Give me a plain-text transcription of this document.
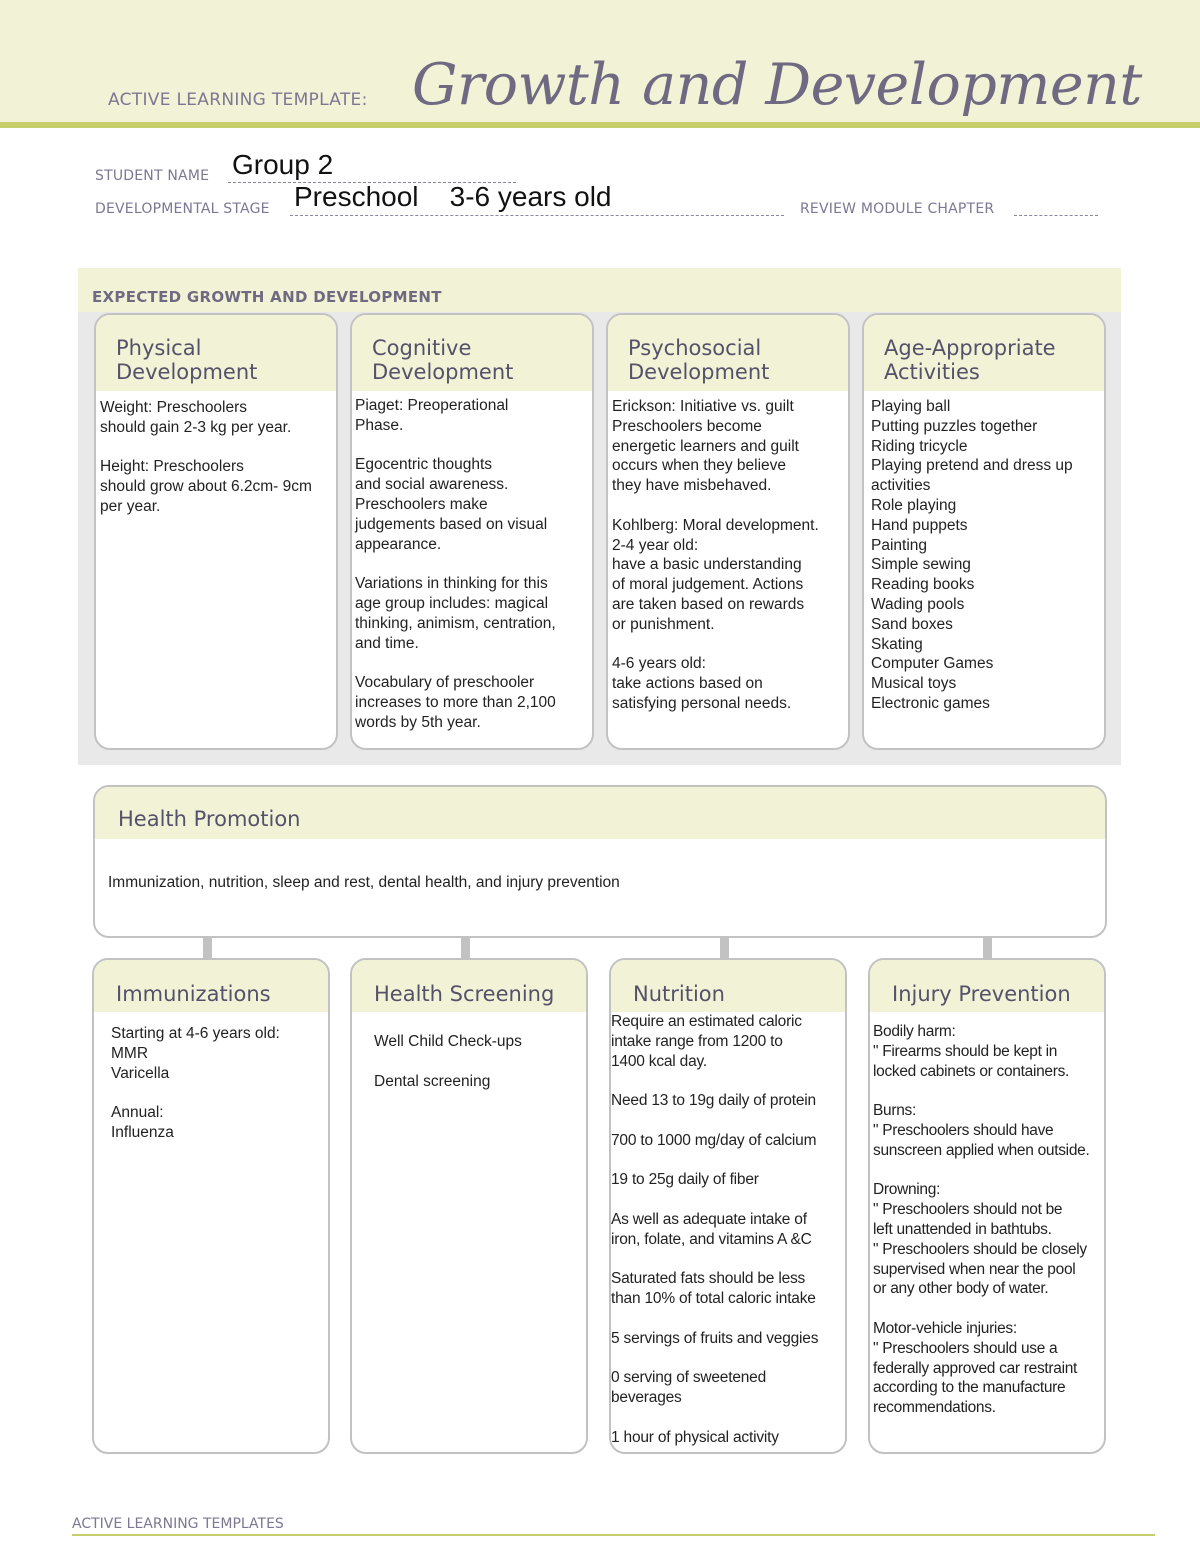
ACTIVE LEARNING TEMPLATE: Growth and Development
STUDENT NAME Group 2
DEVELOPMENTAL STAGE Preschool    3-6 years old	REVIEW MODULE CHAPTER
EXPECTED GROWTH AND DEVELOPMENT
Physical
Development
Weight: Preschoolers
should gain 2-3 kg per year.

Height: Preschoolers
should grow about 6.2cm- 9cm
per year.
Cognitive
Development
Piaget: Preoperational
Phase.

Egocentric thoughts
and social awareness.
Preschoolers make
judgements based on visual
appearance.

Variations in thinking for this
age group includes: magical
thinking, animism, centration,
and time.

Vocabulary of preschooler
increases to more than 2,100
words by 5th year.
Psychosocial
Development
Erickson: Initiative vs. guilt
Preschoolers become
energetic learners and guilt
occurs when they believe
they have misbehaved.

Kohlberg: Moral development.
2-4 year old:
have a basic understanding
of moral judgement. Actions
are taken based on rewards
or punishment.

4-6 years old:
take actions based on
satisfying personal needs.
Age-Appropriate
Activities
Playing ball
Putting puzzles together
Riding tricycle
Playing pretend and dress up
activities
Role playing
Hand puppets
Painting
Simple sewing
Reading books
Wading pools
Sand boxes
Skating
Computer Games
Musical toys
Electronic games
Health Promotion
Immunization, nutrition, sleep and rest, dental health, and injury prevention
Immunizations
Starting at 4-6 years old:
MMR
Varicella

Annual:
Influenza
Health Screening
Well Child Check-ups

Dental screening
Nutrition
Require an estimated caloric
intake range from 1200 to
1400 kcal day.

Need 13 to 19g daily of protein

700 to 1000 mg/day of calcium

19 to 25g daily of fiber

As well as adequate intake of
iron, folate, and vitamins A &C

Saturated fats should be less
than 10% of total caloric intake

5 servings of fruits and veggies

0 serving of sweetened
beverages

1 hour of physical activity
Injury Prevention
Bodily harm:
" Firearms should be kept in
locked cabinets or containers.

Burns:
" Preschoolers should have
sunscreen applied when outside.

Drowning:
" Preschoolers should not be
left unattended in bathtubs.
" Preschoolers should be closely
supervised when near the pool
or any other body of water.

Motor-vehicle injuries:
" Preschoolers should use a
federally approved car restraint
according to the manufacture
recommendations.
ACTIVE LEARNING TEMPLATES
